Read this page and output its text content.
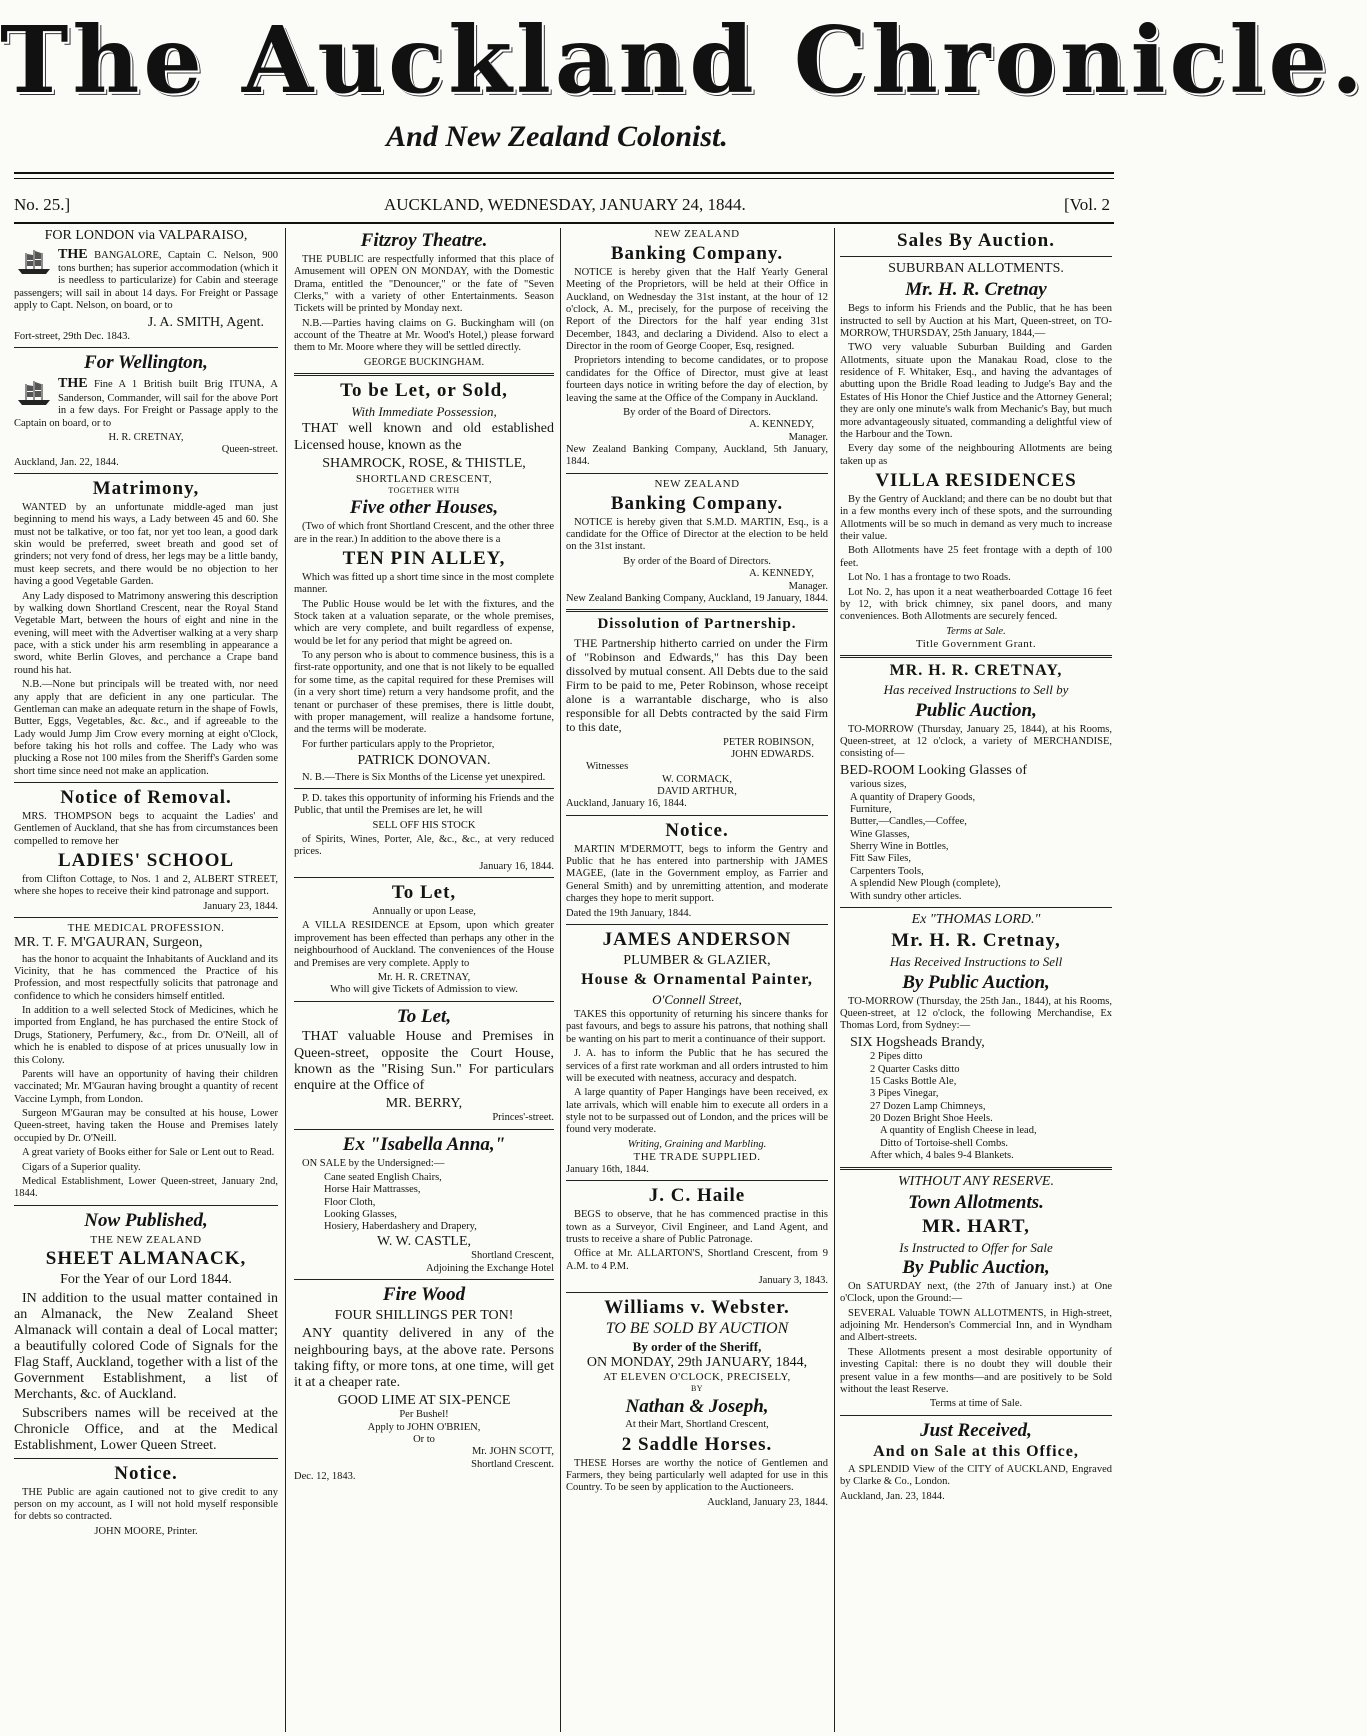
The Auckland Chronicle.
And New Zealand Colonist.
No. 25.]	AUCKLAND, WEDNESDAY, JANUARY 24, 1844.	[Vol. 2
FOR LONDON via VALPARAISO,

THE BANGALORE, Captain C. Nelson, 900 tons burthen; has superior accommodation (which it is needless to particularize) for Cabin and steerage passengers; will sail in about 14 days. For Freight or Passage apply to Capt. Nelson, on board, or to

J. A. SMITH, Agent.
Fort-street, 29th Dec. 1843.
For Wellington,

THE Fine A 1 British built Brig ITUNA, A Sanderson, Commander, will sail for the above Port in a few days. For Freight or Passage apply to the Captain on board, or to

H. R. CRETNAY,
Queen-street.
Auckland, Jan. 22, 1844.
Matrimony,

WANTED by an unfortunate middle-aged man just beginning to mend his ways, a Lady between 45 and 60. She must not be talkative, or too fat, nor yet too lean, a good dark skin would be preferred, sweet breath and good set of grinders; not very fond of dress, her legs may be a little bandy, must keep secrets, and there would be no objection to her having a good Vegetable Garden.

Any Lady disposed to Matrimony answering this description by walking down Shortland Crescent, near the Royal Stand Vegetable Mart, between the hours of eight and nine in the evening, will meet with the Advertiser walking at a very sharp pace, with a stick under his arm resembling in appearance a sword, white Berlin Gloves, and perchance a Crape band round his hat.

N.B.—None but principals will be treated with, nor need any apply that are deficient in any one particular. The Gentleman can make an adequate return in the shape of Fowls, Butter, Eggs, Vegetables, &c. &c., and if agreeable to the Lady would Jump Jim Crow every morning at eight o'Clock, before taking his hot rolls and coffee. The Lady who was plucking a Rose not 100 miles from the Sheriff's Garden some short time since need not make an application.

Notice of Removal.

MRS. THOMPSON begs to acquaint the Ladies' and Gentlemen of Auckland, that she has from circumstances been compelled to remove her

LADIES' SCHOOL

from Clifton Cottage, to Nos. 1 and 2, ALBERT STREET, where she hopes to receive their kind patronage and support.

January 23, 1844.
THE MEDICAL PROFESSION.
MR. T. F. M'GAURAN, Surgeon,

has the honor to acquaint the Inhabitants of Auckland and its Vicinity, that he has commenced the Practice of his Profession, and most respectfully solicits that patronage and confidence to which he considers himself entitled.

In addition to a well selected Stock of Medicines, which he imported from England, he has purchased the entire Stock of Drugs, Stationery, Perfumery, &c., from Dr. O'Neill, all of which he is enabled to dispose of at prices unusually low in this Colony.

Parents will have an opportunity of having their children vaccinated; Mr. M'Gauran having brought a quantity of recent Vaccine Lymph, from London.

Surgeon M'Gauran may be consulted at his house, Lower Queen-street, having taken the House and Premises lately occupied by Dr. O'Neill.

A great variety of Books either for Sale or Lent out to Read.

Cigars of a Superior quality.

Medical Establishment, Lower Queen-street, January 2nd, 1844.

Now Published,
THE NEW ZEALAND
SHEET ALMANACK,
For the Year of our Lord 1844.

IN addition to the usual matter contained in an Almanack, the New Zealand Sheet Almanack will contain a deal of Local matter; a beautifully colored Code of Signals for the Flag Staff, Auckland, together with a list of the Government Establishment, a list of Merchants, &c. of Auckland.

Subscribers names will be received at the Chronicle Office, and at the Medical Establishment, Lower Queen Street.

Notice.

THE Public are again cautioned not to give credit to any person on my account, as I will not hold myself responsible for debts so contracted.

JOHN MOORE, Printer.
Fitzroy Theatre.

THE PUBLIC are respectfully informed that this place of Amusement will OPEN ON MONDAY, with the Domestic Drama, entitled the "Denouncer," or the fate of "Seven Clerks," with a variety of other Entertainments. Season Tickets will be printed by Monday next.

N.B.—Parties having claims on G. Buckingham will (on account of the Theatre at Mr. Wood's Hotel,) please forward them to Mr. Moore where they will be settled directly.

GEORGE BUCKINGHAM.
To be Let, or Sold,
With Immediate Possession,

THAT well known and old established Licensed house, known as the

SHAMROCK, ROSE, & THISTLE,
SHORTLAND CRESCENT,
TOGETHER WITH
Five other Houses,

(Two of which front Shortland Crescent, and the other three are in the rear.) In addition to the above there is a

TEN PIN ALLEY,

Which was fitted up a short time since in the most complete manner.

The Public House would be let with the fixtures, and the Stock taken at a valuation separate, or the whole premises, which are very complete, and built regardless of expense, would be let for any period that might be agreed on.

To any person who is about to commence business, this is a first-rate opportunity, and one that is not likely to be equalled for some time, as the capital required for these Premises will (in a very short time) return a very handsome profit, and the tenant or purchaser of these premises, there is little doubt, with proper management, will realize a handsome fortune, and the terms will be moderate.

For further particulars apply to the Proprietor,

PATRICK DONOVAN.

N. B.—There is Six Months of the License yet unexpired.

P. D. takes this opportunity of informing his Friends and the Public, that until the Premises are let, he will

SELL OFF HIS STOCK

of Spirits, Wines, Porter, Ale, &c., &c., at very reduced prices.

January 16, 1844.
To Let,
Annually or upon Lease,

A VILLA RESIDENCE at Epsom, upon which greater improvement has been effected than perhaps any other in the neighbourhood of Auckland. The conveniences of the House and Premises are very complete. Apply to

Mr. H. R. CRETNAY,
Who will give Tickets of Admission to view.
To Let,

THAT valuable House and Premises in Queen-street, opposite the Court House, known as the "Rising Sun." For particulars enquire at the Office of

MR. BERRY,
Princes'-street.
Ex "Isabella Anna,"

ON SALE by the Undersigned:—

Cane seated English Chairs,
Horse Hair Mattrasses,
Floor Cloth,
Looking Glasses,
Hosiery, Haberdashery and Drapery,
W. W. CASTLE,
Shortland Crescent,
Adjoining the Exchange Hotel
Fire Wood
FOUR SHILLINGS PER TON!

ANY quantity delivered in any of the neighbouring bays, at the above rate. Persons taking fifty, or more tons, at one time, will get it at a cheaper rate.

GOOD LIME AT SIX-PENCE
Per Bushel!
Apply to JOHN O'BRIEN,
Or to
Mr. JOHN SCOTT,
Shortland Crescent.
Dec. 12, 1843.
NEW ZEALAND
Banking Company.

NOTICE is hereby given that the Half Yearly General Meeting of the Proprietors, will be held at their Office in Auckland, on Wednesday the 31st instant, at the hour of 12 o'clock, A. M., precisely, for the purpose of receiving the Report of the Directors for the half year ending 31st December, 1843, and declaring a Dividend. Also to elect a Director in the room of George Cooper, Esq, resigned.

Proprietors intending to become candidates, or to propose candidates for the Office of Director, must give at least fourteen days notice in writing before the day of election, by leaving the same at the Office of the Company in Auckland.

By order of the Board of Directors.
A. KENNEDY,
Manager.
New Zealand Banking Company, Auckland, 5th January, 1844.
NEW ZEALAND
Banking Company.

NOTICE is hereby given that S.M.D. MARTIN, Esq., is a candidate for the Office of Director at the election to be held on the 31st instant.

By order of the Board of Directors.
A. KENNEDY,
Manager.
New Zealand Banking Company, Auckland, 19 January, 1844.
Dissolution of Partnership.

THE Partnership hitherto carried on under the Firm of "Robinson and Edwards," has this Day been dissolved by mutual consent. All Debts due to the said Firm to be paid to me, Peter Robinson, whose receipt alone is a warrantable discharge, who is also responsible for all Debts contracted by the said Firm to this date,

PETER ROBINSON,
JOHN EDWARDS.
Witnesses
W. CORMACK,
DAVID ARTHUR,
Auckland, January 16, 1844.
Notice.

MARTIN M'DERMOTT, begs to inform the Gentry and Public that he has entered into partnership with JAMES MAGEE, (late in the Government employ, as Farrier and General Smith) and by unremitting attention, and moderate charges they hope to merit support.

Dated the 19th January, 1844.
JAMES ANDERSON
PLUMBER & GLAZIER,
House & Ornamental Painter,
O'Connell Street,

TAKES this opportunity of returning his sincere thanks for past favours, and begs to assure his patrons, that nothing shall be wanting on his part to merit a continuance of their support.

J. A. has to inform the Public that he has secured the services of a first rate workman and all orders intrusted to him will be executed with neatness, accuracy and despatch.

A large quantity of Paper Hangings have been received, ex late arrivals, which will enable him to execute all orders in a style not to be surpassed out of London, and the prices will be found very moderate.

Writing, Graining and Marbling.
THE TRADE SUPPLIED.
January 16th, 1844.
J. C. Haile

BEGS to observe, that he has commenced practise in this town as a Surveyor, Civil Engineer, and Land Agent, and trusts to receive a share of Public Patronage.

Office at Mr. ALLARTON'S, Shortland Crescent, from 9 A.M. to 4 P.M.

January 3, 1843.
Williams v. Webster.
TO BE SOLD BY AUCTION
By order of the Sheriff,
ON MONDAY, 29th JANUARY, 1844,
AT ELEVEN O'CLOCK, PRECISELY,
BY
Nathan & Joseph,
At their Mart, Shortland Crescent,
2 Saddle Horses.

THESE Horses are worthy the notice of Gentlemen and Farmers, they being particularly well adapted for use in this Country. To be seen by application to the Auctioneers.

Auckland, January 23, 1844.
Sales By Auction.
SUBURBAN ALLOTMENTS.
Mr. H. R. Cretnay

Begs to inform his Friends and the Public, that he has been instructed to sell by Auction at his Mart, Queen-street, on TO-MORROW, THURSDAY, 25th January, 1844,—

TWO very valuable Suburban Building and Garden Allotments, situate upon the Manakau Road, close to the residence of F. Whitaker, Esq., and having the advantages of abutting upon the Bridle Road leading to Judge's Bay and the Estates of His Honor the Chief Justice and the Attorney General; they are only one minute's walk from Mechanic's Bay, but much more advantageously situated, commanding a delightful view of the Harbour and the Town.

Every day some of the neighbouring Allotments are being taken up as

VILLA RESIDENCES

By the Gentry of Auckland; and there can be no doubt but that in a few months every inch of these spots, and the surrounding Allotments will be so much in demand as very much to increase their value.

Both Allotments have 25 feet frontage with a depth of 100 feet.

Lot No. 1 has a frontage to two Roads.

Lot No. 2, has upon it a neat weatherboarded Cottage 16 feet by 12, with brick chimney, six panel doors, and many conveniences. Both Allotments are securely fenced.

Terms at Sale.
Title Government Grant.
MR. H. R. CRETNAY,
Has received Instructions to Sell by
Public Auction,

TO-MORROW (Thursday, January 25, 1844), at his Rooms, Queen-street, at 12 o'clock, a variety of MERCHANDISE, consisting of—

BED-ROOM Looking Glasses of
various sizes,
A quantity of Drapery Goods,
Furniture,
Butter,—Candles,—Coffee,
Wine Glasses,
Sherry Wine in Bottles,
Fitt Saw Files,
Carpenters Tools,
A splendid New Plough (complete),
With sundry other articles.
Ex "THOMAS LORD."
Mr. H. R. Cretnay,
Has Received Instructions to Sell
By Public Auction,

TO-MORROW (Thursday, the 25th Jan., 1844), at his Rooms, Queen-street, at 12 o'clock, the following Merchandise, Ex Thomas Lord, from Sydney:—

SIX Hogsheads Brandy,
2 Pipes ditto
2 Quarter Casks ditto
15 Casks Bottle Ale,
3 Pipes Vinegar,
27 Dozen Lamp Chimneys,
20 Dozen Bright Shoe Heels.
A quantity of English Cheese in lead,
Ditto of Tortoise-shell Combs.
After which, 4 bales 9-4 Blankets.
WITHOUT ANY RESERVE.
Town Allotments.
MR. HART,
Is Instructed to Offer for Sale
By Public Auction,

On SATURDAY next, (the 27th of January inst.) at One o'Clock, upon the Ground:—

SEVERAL Valuable TOWN ALLOTMENTS, in High-street, adjoining Mr. Henderson's Commercial Inn, and in Wyndham and Albert-streets.

These Allotments present a most desirable opportunity of investing Capital: there is no doubt they will double their present value in a few months—and are positively to be Sold without the least Reserve.

Terms at time of Sale.
Just Received,
And on Sale at this Office,

A SPLENDID View of the CITY of AUCKLAND, Engraved by Clarke & Co., London.

Auckland, Jan. 23, 1844.
